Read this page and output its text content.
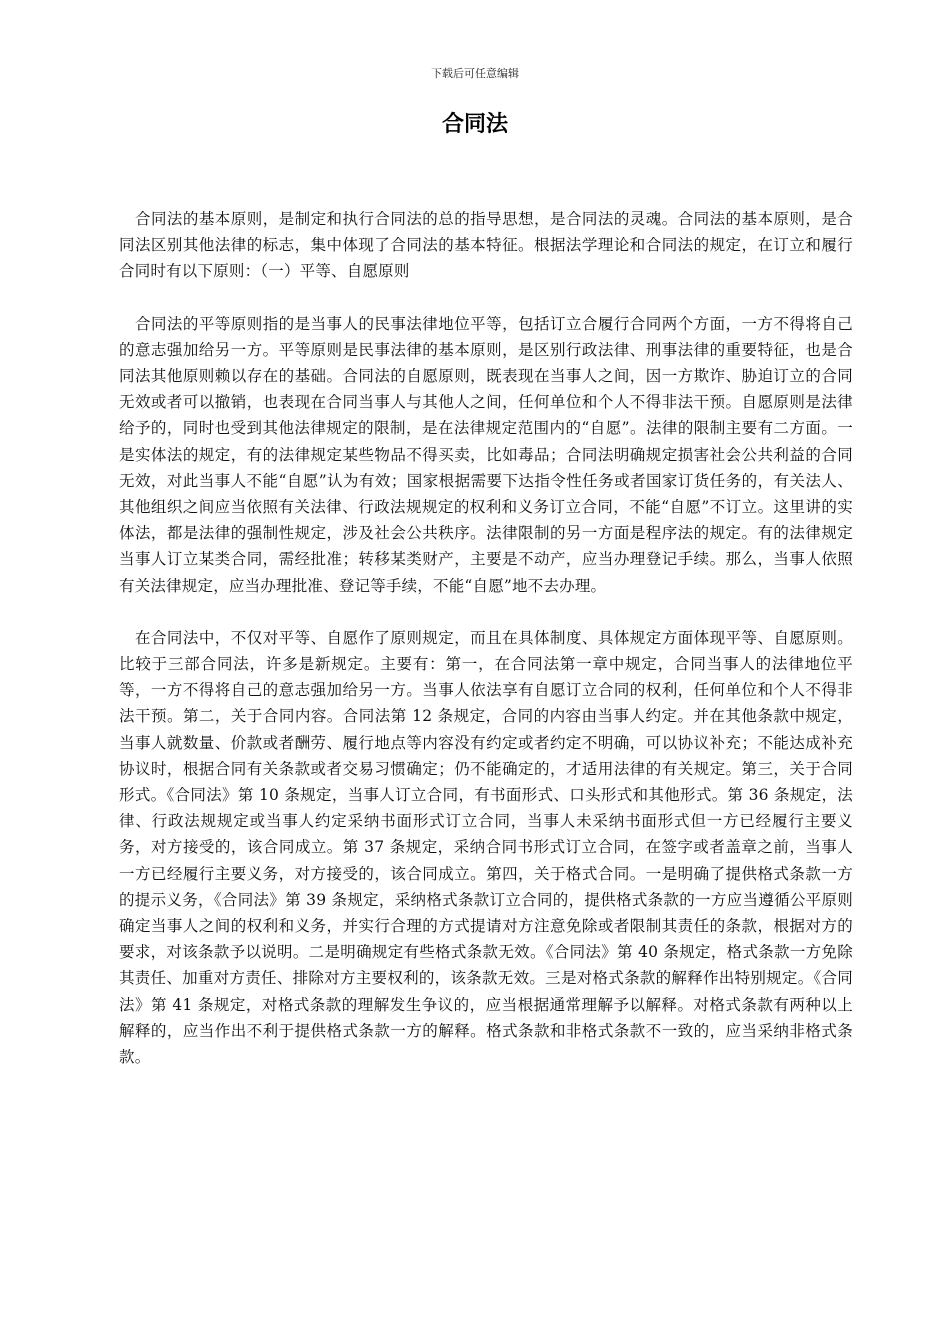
下载后可任意编辑
合同法

合同法的基本原则，是制定和执行合同法的总的指导思想，是合同法的灵魂。合同法的基本原则，是合同法区别其他法律的标志，集中体现了合同法的基本特征。根据法学理论和合同法的规定，在订立和履行合同时有以下原则：（一）平等、自愿原则

合同法的平等原则指的是当事人的民事法律地位平等，包括订立合履行合同两个方面，一方不得将自己的意志强加给另一方。平等原则是民事法律的基本原则，是区别行政法律、刑事法律的重要特征，也是合同法其他原则赖以存在的基础。合同法的自愿原则，既表现在当事人之间，因一方欺诈、胁迫订立的合同无效或者可以撤销，也表现在合同当事人与其他人之间，任何单位和个人不得非法干预。自愿原则是法律给予的，同时也受到其他法律规定的限制，是在法律规定范围内的“自愿”。法律的限制主要有二方面。一是实体法的规定，有的法律规定某些物品不得买卖，比如毒品；合同法明确规定损害社会公共利益的合同无效，对此当事人不能“自愿”认为有效；国家根据需要下达指令性任务或者国家订货任务的，有关法人、其他组织之间应当依照有关法律、行政法规规定的权利和义务订立合同，不能“自愿”不订立。这里讲的实体法，都是法律的强制性规定，涉及社会公共秩序。法律限制的另一方面是程序法的规定。有的法律规定当事人订立某类合同，需经批准；转移某类财产，主要是不动产，应当办理登记手续。那么，当事人依照有关法律规定，应当办理批准、登记等手续，不能“自愿”地不去办理。

在合同法中，不仅对平等、自愿作了原则规定，而且在具体制度、具体规定方面体现平等、自愿原则。比较于三部合同法，许多是新规定。主要有：第一，在合同法第一章中规定，合同当事人的法律地位平等，一方不得将自己的意志强加给另一方。当事人依法享有自愿订立合同的权利，任何单位和个人不得非法干预。第二，关于合同内容。合同法第 12 条规定，合同的内容由当事人约定。并在其他条款中规定，当事人就数量、价款或者酬劳、履行地点等内容没有约定或者约定不明确，可以协议补充；不能达成补充协议时，根据合同有关条款或者交易习惯确定；仍不能确定的，才适用法律的有关规定。第三，关于合同形式。《合同法》第 10 条规定，当事人订立合同，有书面形式、口头形式和其他形式。第 36 条规定，法律、行政法规规定或当事人约定采纳书面形式订立合同，当事人未采纳书面形式但一方已经履行主要义务，对方接受的，该合同成立。第 37 条规定，采纳合同书形式订立合同，在签字或者盖章之前，当事人一方已经履行主要义务，对方接受的，该合同成立。第四，关于格式合同。一是明确了提供格式条款一方的提示义务，《合同法》第 39 条规定，采纳格式条款订立合同的，提供格式条款的一方应当遵循公平原则确定当事人之间的权利和义务，并实行合理的方式提请对方注意免除或者限制其责任的条款，根据对方的要求，对该条款予以说明。二是明确规定有些格式条款无效。《合同法》第 40 条规定，格式条款一方免除其责任、加重对方责任、排除对方主要权利的，该条款无效。三是对格式条款的解释作出特别规定。《合同法》第 41 条规定，对格式条款的理解发生争议的，应当根据通常理解予以解释。对格式条款有两种以上解释的，应当作出不利于提供格式条款一方的解释。格式条款和非格式条款不一致的，应当采纳非格式条款。
